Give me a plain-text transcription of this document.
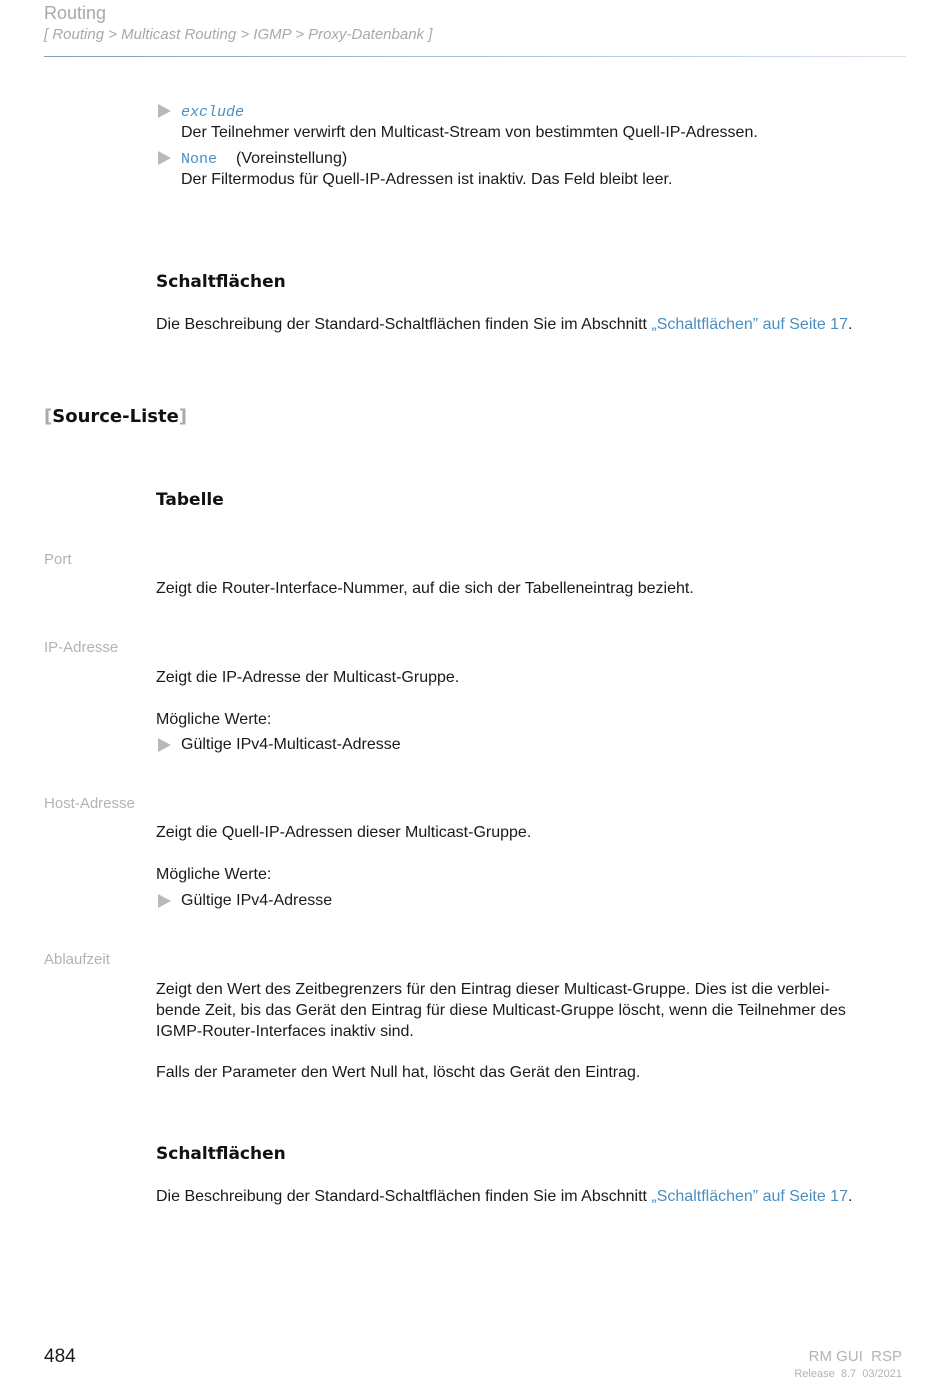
Routing
[ Routing > Multicast Routing > IGMP > Proxy-Datenbank ]
exclude
Der Teilnehmer verwirft den Multicast-Stream von bestimmten Quell-IP-Adressen.
None (Voreinstellung)
Der Filtermodus für Quell-IP-Adressen ist inaktiv. Das Feld bleibt leer.
Schaltflächen
Die Beschreibung der Standard-Schaltflächen finden Sie im Abschnitt „Schaltflächen” auf Seite 17.
[Source-Liste]
Tabelle
Port
Zeigt die Router-Interface-Nummer, auf die sich der Tabelleneintrag bezieht.
IP-Adresse
Zeigt die IP-Adresse der Multicast-Gruppe.
Mögliche Werte:
Gültige IPv4-Multicast-Adresse
Host-Adresse
Zeigt die Quell-IP-Adressen dieser Multicast-Gruppe.
Mögliche Werte:
Gültige IPv4-Adresse
Ablaufzeit
Zeigt den Wert des Zeitbegrenzers für den Eintrag dieser Multicast-Gruppe. Dies ist die verblei-
bende Zeit, bis das Gerät den Eintrag für diese Multicast-Gruppe löscht, wenn die Teilnehmer des
IGMP-Router-Interfaces inaktiv sind.
Falls der Parameter den Wert Null hat, löscht das Gerät den Eintrag.
Schaltflächen
Die Beschreibung der Standard-Schaltflächen finden Sie im Abschnitt „Schaltflächen” auf Seite 17.
484	RM GUI  RSP
Release  8.7  03/2021
